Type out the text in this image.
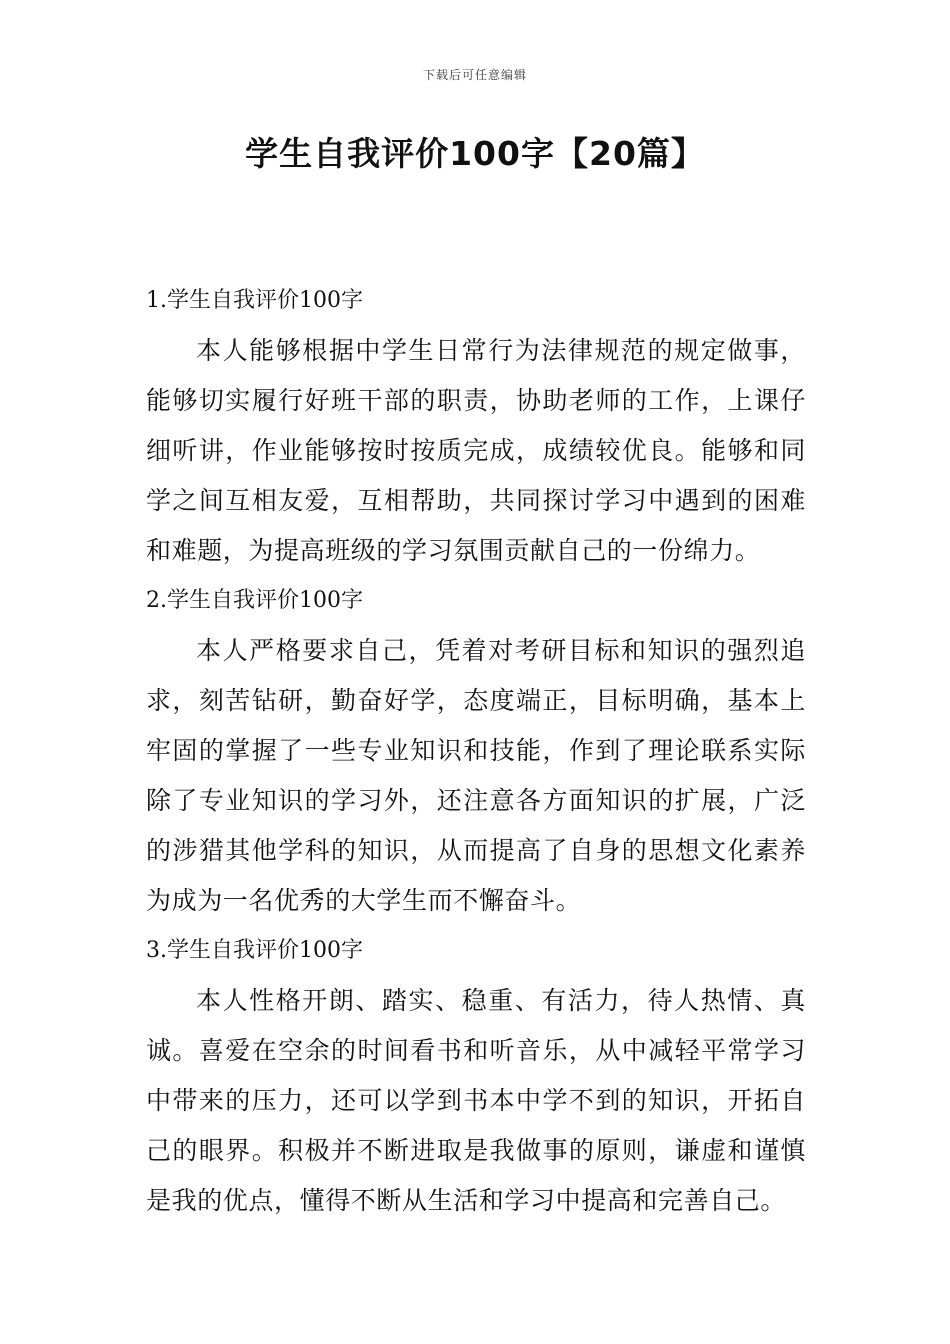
下载后可任意编辑
学生自我评价100字【20篇】
1.学生自我评价100字

本人能够根据中学生日常行为法律规范的规定做事，能够切实履行好班干部的职责，协助老师的工作，上课仔细听讲，作业能够按时按质完成，成绩较优良。能够和同学之间互相友爱，互相帮助，共同探讨学习中遇到的困难和难题，为提高班级的学习氛围贡献自己的一份绵力。

2.学生自我评价100字

本人严格要求自己，凭着对考研目标和知识的强烈追求，刻苦钻研，勤奋好学，态度端正，目标明确，基本上牢固的掌握了一些专业知识和技能，作到了理论联系实际除了专业知识的学习外，还注意各方面知识的扩展，广泛的涉猎其他学科的知识，从而提高了自身的思想文化素养为成为一名优秀的大学生而不懈奋斗。

3.学生自我评价100字

本人性格开朗、踏实、稳重、有活力，待人热情、真诚。喜爱在空余的时间看书和听音乐，从中减轻平常学习中带来的压力，还可以学到书本中学不到的知识，开拓自己的眼界。积极并不断进取是我做事的原则，谦虚和谨慎是我的优点，懂得不断从生活和学习中提高和完善自己。
